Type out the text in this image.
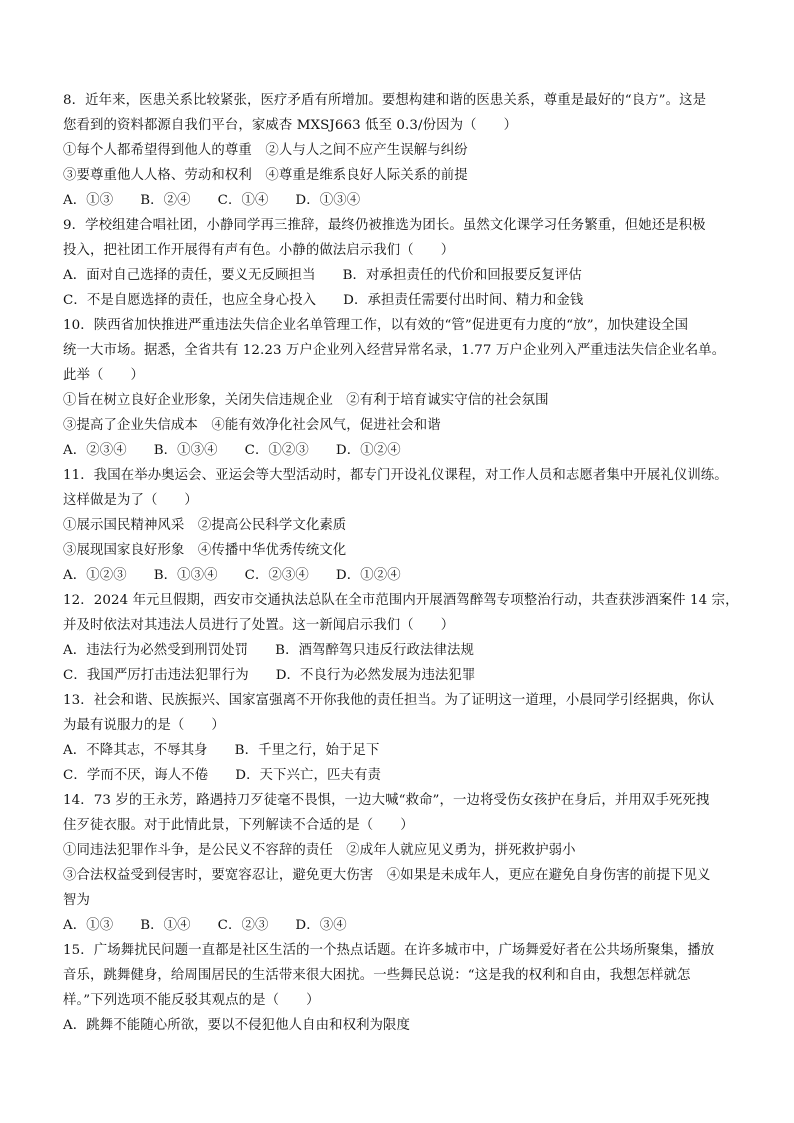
8．近年来，医患关系比较紧张，医疗矛盾有所增加。要想构建和谐的医患关系，尊重是最好的“良方”。这是
您看到的资料都源自我们平台，家威杏 MXSJ663 低至 0.3/份因为（　　）
①每个人都希望得到他人的尊重　②人与人之间不应产生误解与纠纷
③要尊重他人人格、劳动和权利　④尊重是维系良好人际关系的前提
A．①③　　B．②④　　C．①④　　D．①③④
9．学校组建合唱社团，小静同学再三推辞，最终仍被推选为团长。虽然文化课学习任务繁重，但她还是积极
投入，把社团工作开展得有声有色。小静的做法启示我们（　　）
A．面对自己选择的责任，要义无反顾担当　　B．对承担责任的代价和回报要反复评估
C．不是自愿选择的责任，也应全身心投入　　D．承担责任需要付出时间、精力和金钱
10．陕西省加快推进严重违法失信企业名单管理工作，以有效的“管”促进更有力度的“放”，加快建设全国
统一大市场。据悉，全省共有 12.23 万户企业列入经营异常名录，1.77 万户企业列入严重违法失信企业名单。
此举（　　）
①旨在树立良好企业形象，关闭失信违规企业　②有利于培育诚实守信的社会氛围
③提高了企业失信成本　④能有效净化社会风气，促进社会和谐
A．②③④　　B．①③④　　C．①②③　　D．①②④
11．我国在举办奥运会、亚运会等大型活动时，都专门开设礼仪课程，对工作人员和志愿者集中开展礼仪训练。
这样做是为了（　　）
①展示国民精神风采　②提高公民科学文化素质
③展现国家良好形象　④传播中华优秀传统文化
A．①②③　　B．①③④　　C．②③④　　D．①②④
12．2024 年元旦假期，西安市交通执法总队在全市范围内开展酒驾醉驾专项整治行动，共查获涉酒案件 14 宗，
并及时依法对其违法人员进行了处置。这一新闻启示我们（　　）
A．违法行为必然受到刑罚处罚　　B．酒驾醉驾只违反行政法律法规
C．我国严厉打击违法犯罪行为　　D．不良行为必然发展为违法犯罪
13．社会和谐、民族振兴、国家富强离不开你我他的责任担当。为了证明这一道理，小晨同学引经据典，你认
为最有说服力的是（　　）
A．不降其志，不辱其身　　B．千里之行，始于足下
C．学而不厌，诲人不倦　　D．天下兴亡，匹夫有责
14．73 岁的王永芳，路遇持刀歹徒毫不畏惧，一边大喊“救命”，一边将受伤女孩护在身后，并用双手死死拽
住歹徒衣服。对于此情此景，下列解读不合适的是（　　）
①同违法犯罪作斗争，是公民义不容辞的责任　②成年人就应见义勇为，拼死救护弱小
③合法权益受到侵害时，要宽容忍让，避免更大伤害　④如果是未成年人，更应在避免自身伤害的前提下见义
智为
A．①③　　B．①④　　C．②③　　D．③④
15．广场舞扰民问题一直都是社区生活的一个热点话题。在许多城市中，广场舞爱好者在公共场所聚集，播放
音乐，跳舞健身，给周围居民的生活带来很大困扰。一些舞民总说：“这是我的权利和自由，我想怎样就怎
样。”下列选项不能反驳其观点的是（　　）
A．跳舞不能随心所欲，要以不侵犯他人自由和权利为限度
